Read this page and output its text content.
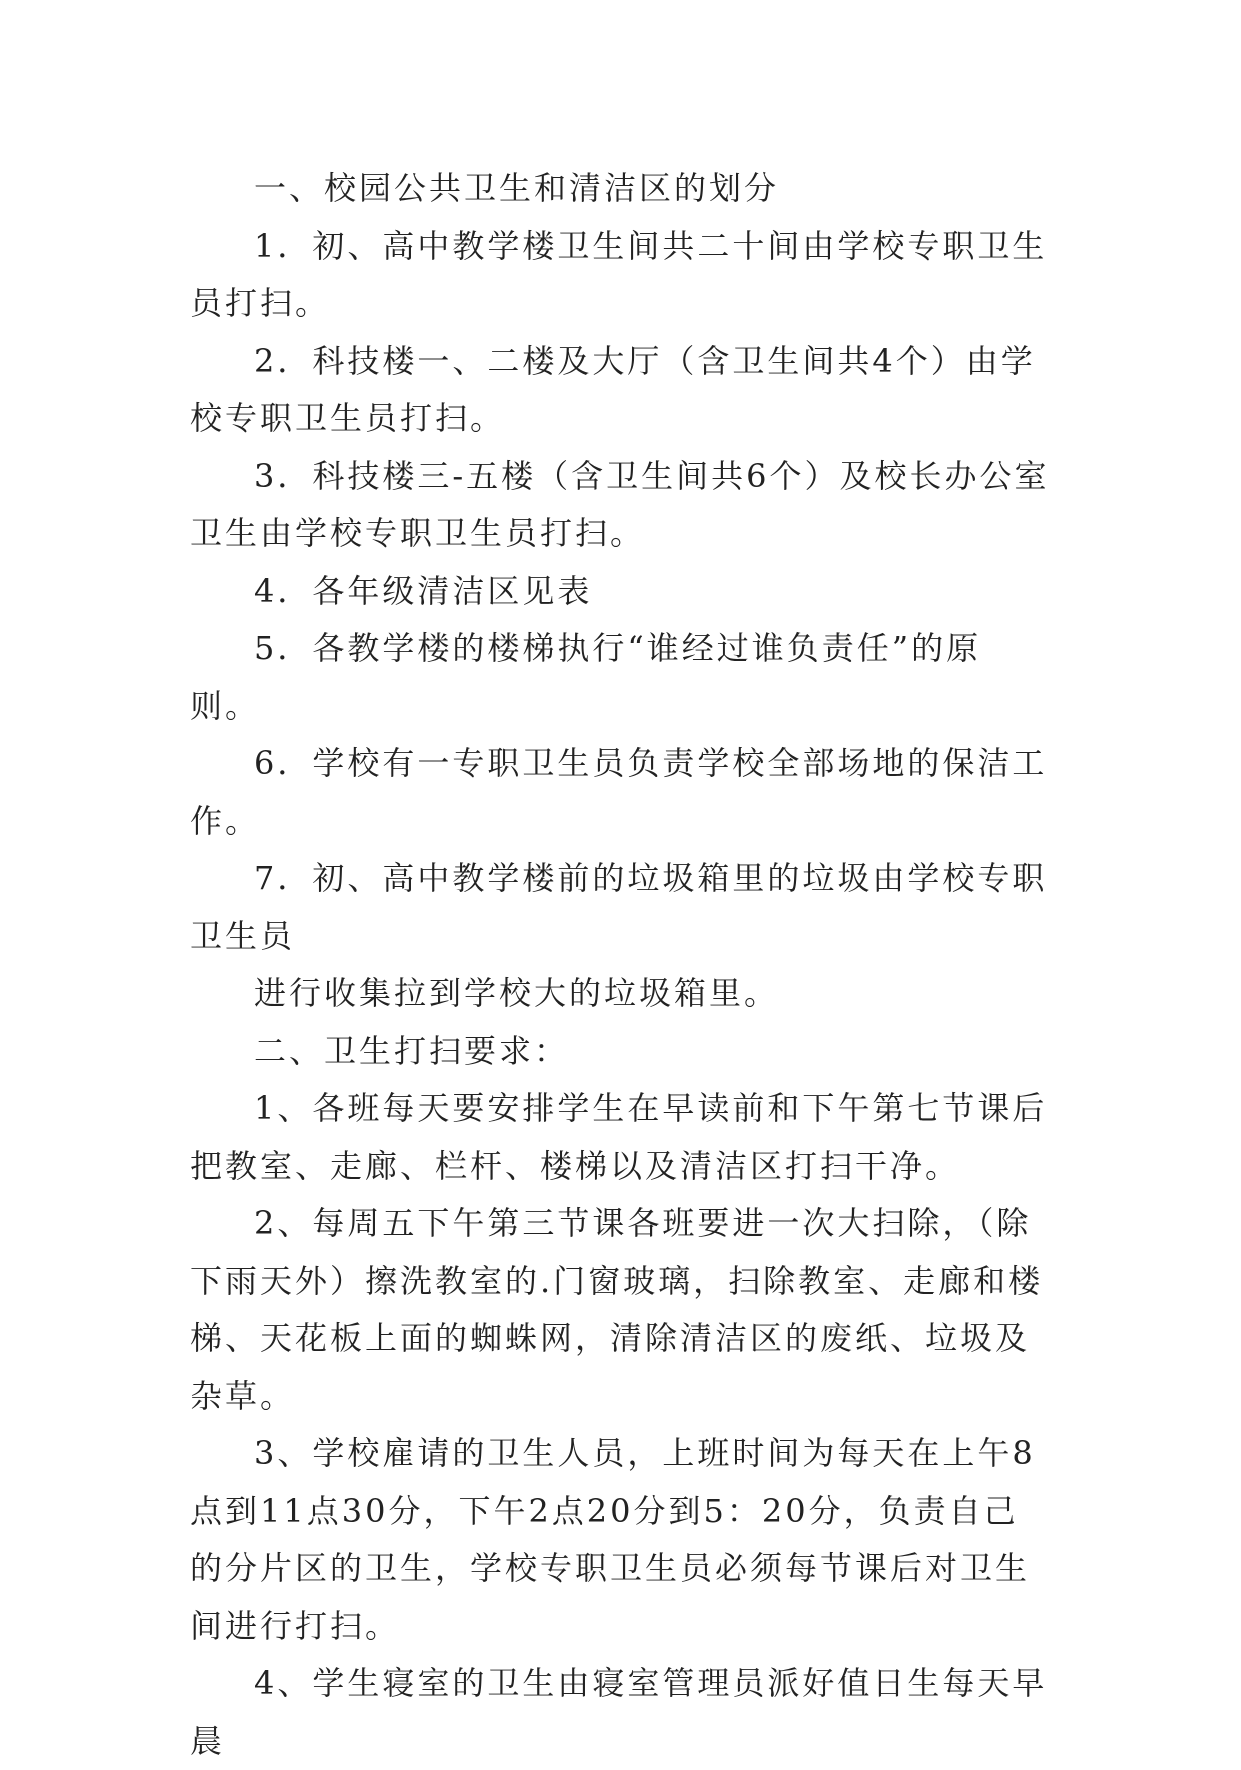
一、校园公共卫生和清洁区的划分

1．初、高中教学楼卫生间共二十间由学校专职卫生员打扫。

2．科技楼一、二楼及大厅（含卫生间共4个）由学校专职卫生员打扫。

3．科技楼三-五楼（含卫生间共6个）及校长办公室卫生由学校专职卫生员打扫。

4．各年级清洁区见表

5．各教学楼的楼梯执行“谁经过谁负责任”的原则。

6．学校有一专职卫生员负责学校全部场地的保洁工作。

7．初、高中教学楼前的垃圾箱里的垃圾由学校专职卫生员

进行收集拉到学校大的垃圾箱里。

二、卫生打扫要求：

1、各班每天要安排学生在早读前和下午第七节课后把教室、走廊、栏杆、楼梯以及清洁区打扫干净。

2、每周五下午第三节课各班要进一次大扫除，（除下雨天外）擦洗教室的.门窗玻璃，扫除教室、走廊和楼梯、天花板上面的蜘蛛网，清除清洁区的废纸、垃圾及杂草。

3、学校雇请的卫生人员，上班时间为每天在上午8点到11点30分，下午2点20分到5：20分，负责自己的分片区的卫生，学校专职卫生员必须每节课后对卫生间进行打扫。

4、学生寝室的卫生由寝室管理员派好值日生每天早晨
